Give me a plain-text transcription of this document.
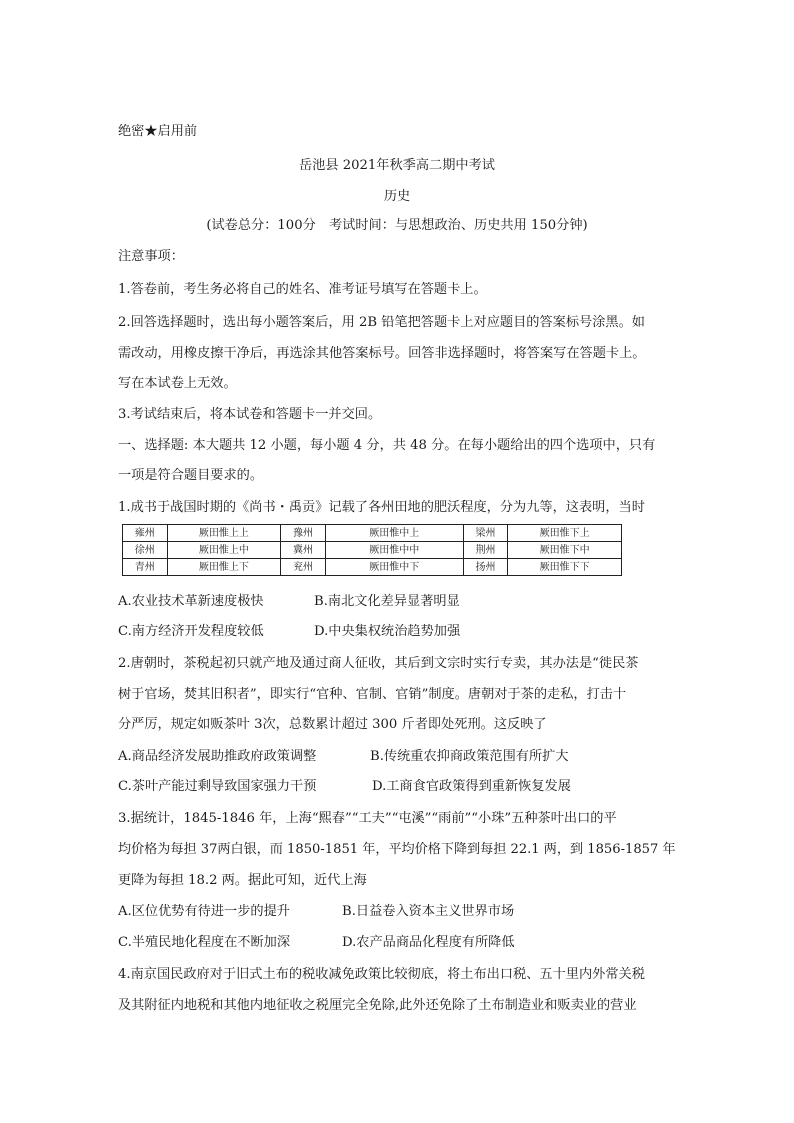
绝密★启用前
岳池县 2021年秋季高二期中考试
历史
(试卷总分：100分　考试时间：与思想政治、历史共用 150分钟)
注意事项：
1.答卷前，考生务必将自己的姓名、准考证号填写在答题卡上。
2.回答选择题时，选出每小题答案后，用 2B 铅笔把答题卡上对应题目的答案标号涂黑。如
需改动，用橡皮擦干净后，再选涂其他答案标号。回答非选择题时，将答案写在答题卡上。
写在本试卷上无效。
3.考试结束后，将本试卷和答题卡一并交回。
一、选择题: 本大题共 12 小题，每小题 4 分，共 48 分。在每小题给出的四个选项中，只有
一项是符合题目要求的。
1.成书于战国时期的《尚书・禹贡》记载了各州田地的肥沃程度，分为九等，这表明，当时
雍州	厥田惟上上	豫州	厥田惟中上	梁州	厥田惟下上
徐州	厥田惟上中	冀州	厥田惟中中	荆州	厥田惟下中
青州	厥田惟上下	兖州	厥田惟中下	扬州	厥田惟下下
A.农业技术革新速度极快	B.南北文化差异显著明显
C.南方经济开发程度较低	D.中央集权统治趋势加强
2.唐朝时，茶税起初只就产地及通过商人征收，其后到文宗时实行专卖，其办法是“徙民茶
树于官场，焚其旧积者”，即实行“官种、官制、官销”制度。唐朝对于茶的走私，打击十
分严厉，规定如贩茶叶 3次，总数累计超过 300 斤者即处死刑。这反映了
A.商品经济发展助推政府政策调整	B.传统重农抑商政策范围有所扩大
C.茶叶产能过剩导致国家强力干预	D.工商食官政策得到重新恢复发展
3.据统计，1845-1846 年，上海“熙春”“工夫”“屯溪”“雨前”“小珠”五种茶叶出口的平
均价格为每担 37两白银，而 1850-1851 年，平均价格下降到每担 22.1 两，到 1856-1857 年
更降为每担 18.2 两。据此可知，近代上海
A.区位优势有待进一步的提升	B.日益卷入资本主义世界市场
C.半殖民地化程度在不断加深	D.农产品商品化程度有所降低
4.南京国民政府对于旧式土布的税收减免政策比较彻底，将土布出口税、五十里内外常关税
及其附征内地税和其他内地征收之税厘完全免除,此外还免除了土布制造业和贩卖业的营业
